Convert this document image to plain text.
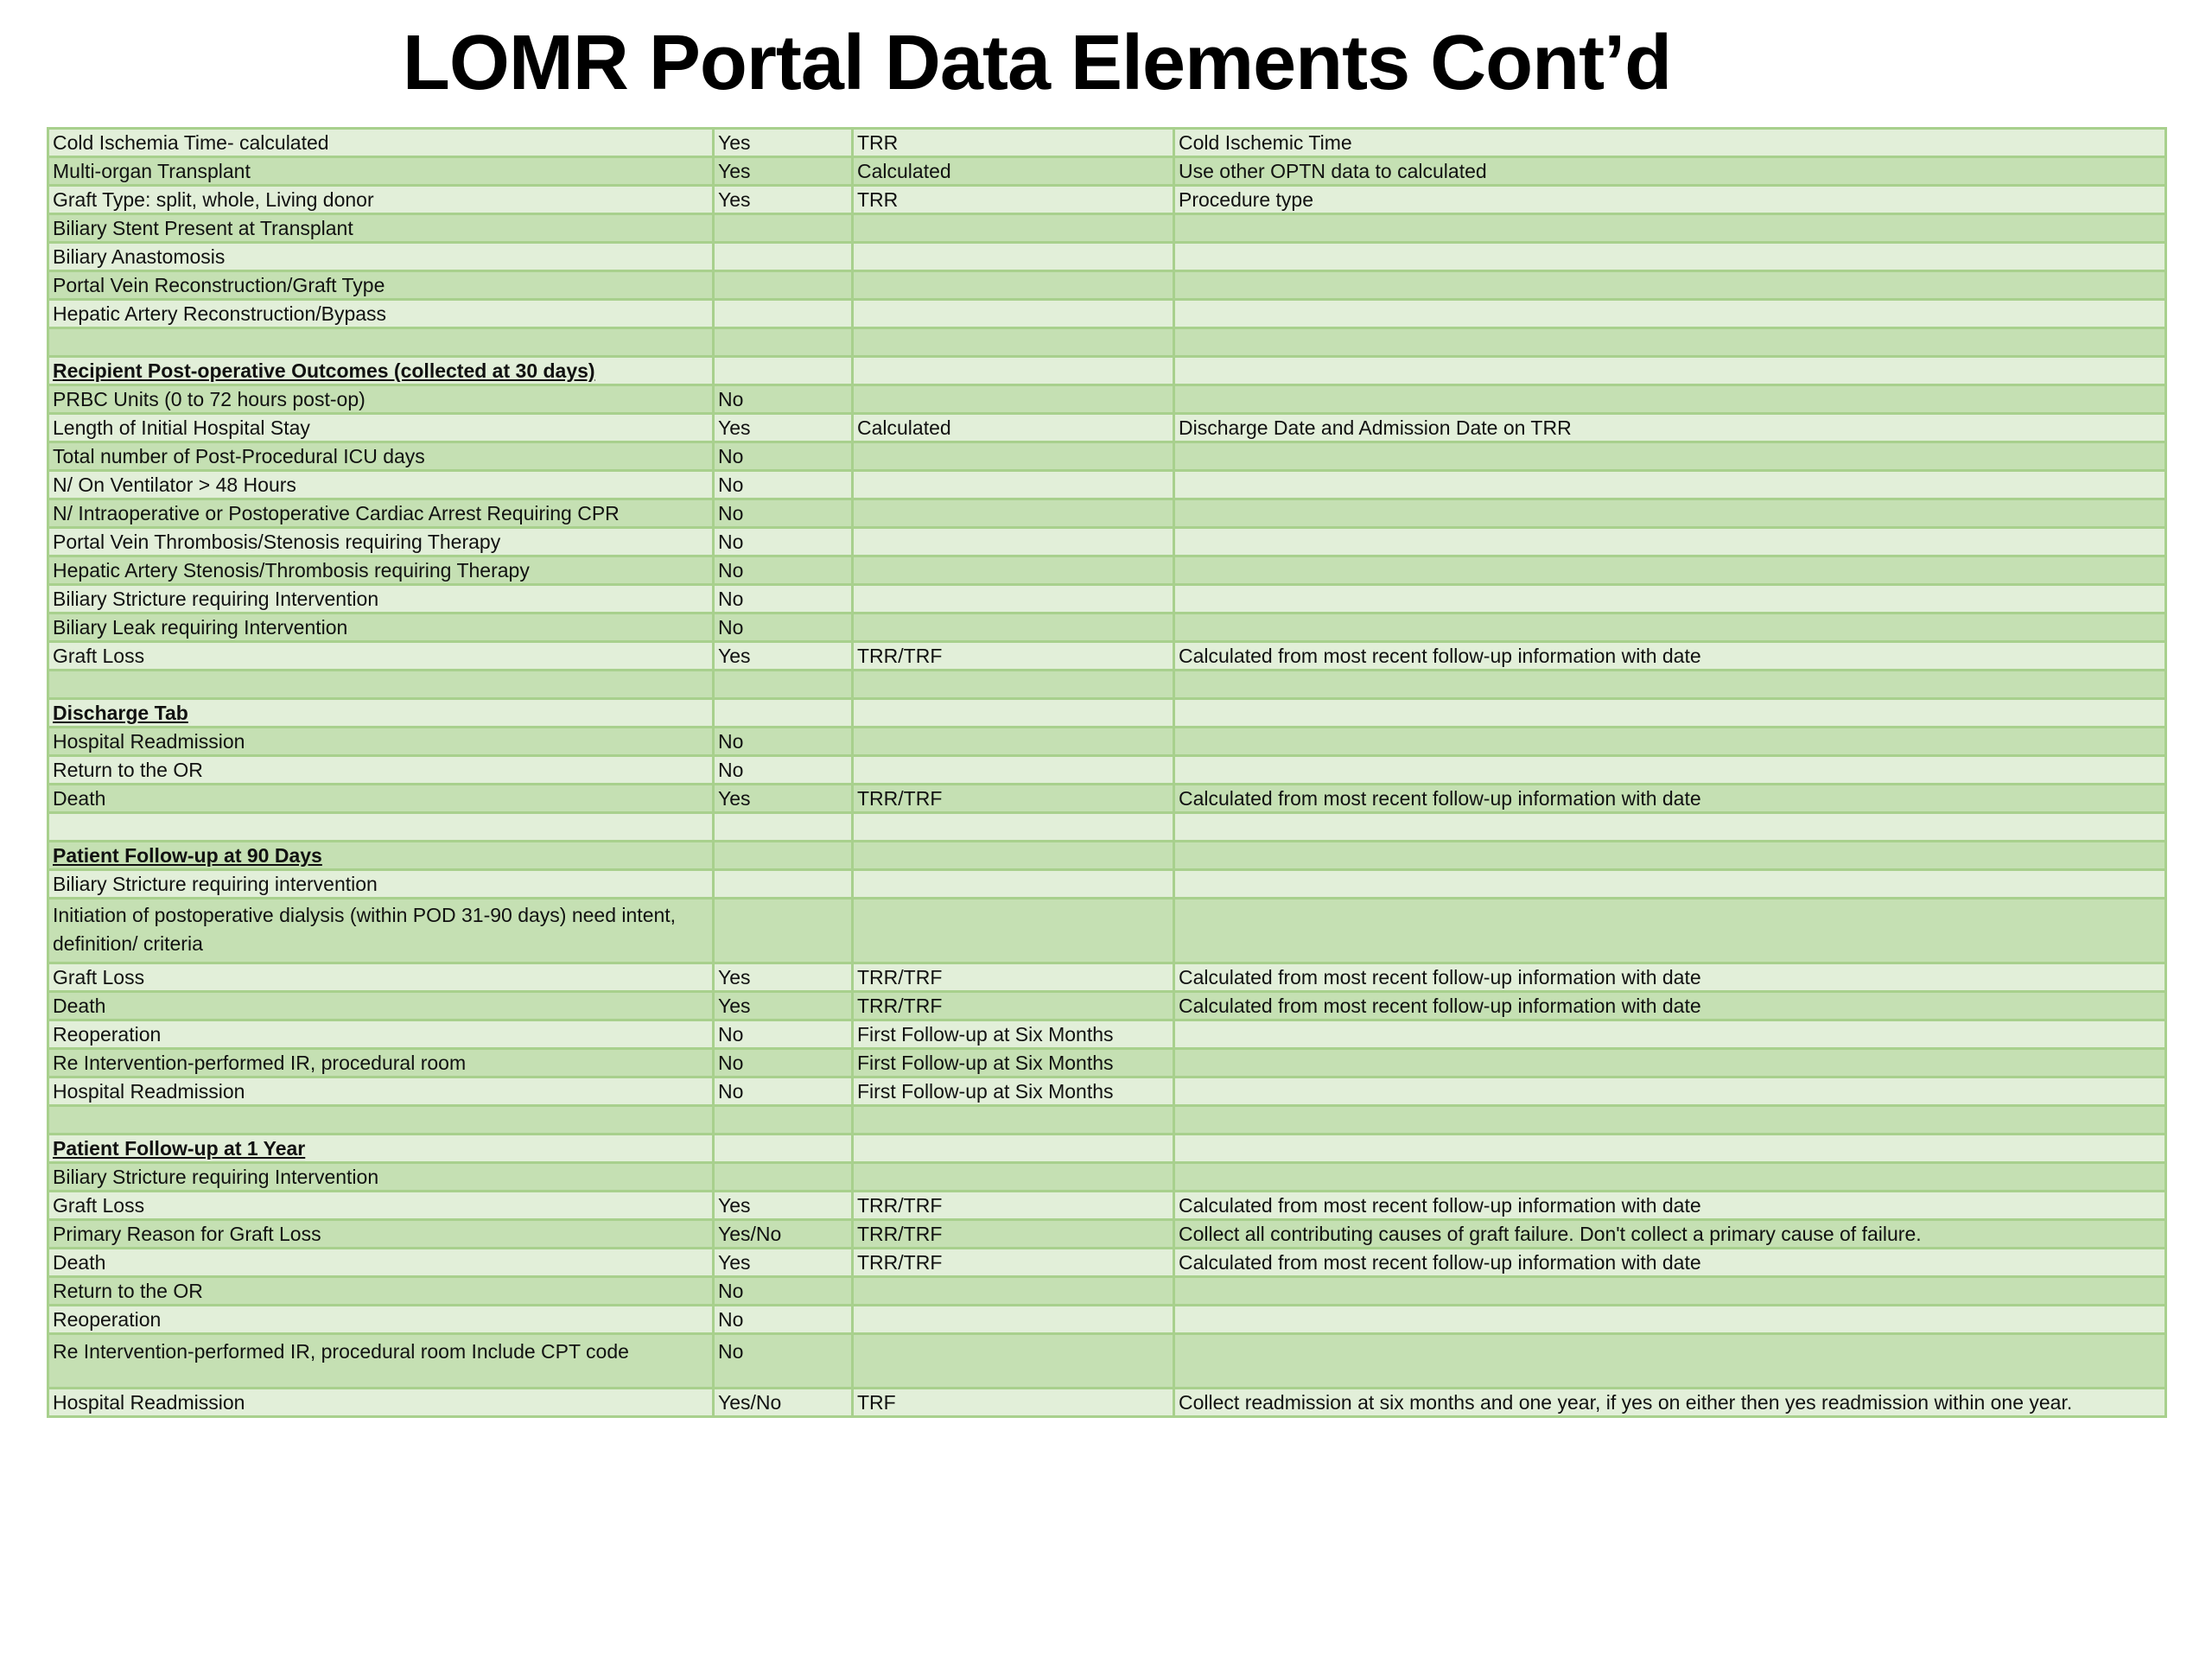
LOMR Portal Data Elements Cont’d
Cold Ischemia Time- calculated	Yes	TRR	Cold Ischemic Time
Multi-organ Transplant	Yes	Calculated	Use other OPTN data to calculated
Graft Type: split, whole, Living donor	Yes	TRR	Procedure type
Biliary Stent Present at Transplant			
Biliary Anastomosis			
Portal Vein Reconstruction/Graft Type			
Hepatic Artery Reconstruction/Bypass			

Recipient Post-operative Outcomes (collected at 30 days)			
PRBC Units (0 to 72 hours post-op)	No		
Length of Initial Hospital Stay	Yes	Calculated	Discharge Date and Admission Date on TRR
Total number of Post-Procedural ICU days	No		
N/ On Ventilator > 48 Hours	No		
N/ Intraoperative or Postoperative Cardiac Arrest Requiring CPR	No		
Portal Vein Thrombosis/Stenosis requiring Therapy	No		
Hepatic Artery Stenosis/Thrombosis requiring Therapy	No		
Biliary Stricture requiring Intervention	No		
Biliary Leak requiring Intervention	No		
Graft Loss	Yes	TRR/TRF	Calculated from most recent follow-up information with date

Discharge Tab			
Hospital Readmission	No		
Return to the OR	No		
Death	Yes	TRR/TRF	Calculated from most recent follow-up information with date

Patient Follow-up at 90 Days			
Biliary Stricture requiring intervention			
Initiation of postoperative dialysis (within POD 31-90 days) need intent, definition/ criteria			
Graft Loss	Yes	TRR/TRF	Calculated from most recent follow-up information with date
Death	Yes	TRR/TRF	Calculated from most recent follow-up information with date
Reoperation	No	First Follow-up at Six Months	
Re Intervention-performed IR, procedural room	No	First Follow-up at Six Months	
Hospital Readmission	No	First Follow-up at Six Months	

Patient Follow-up at 1 Year			
Biliary Stricture requiring Intervention			
Graft Loss	Yes	TRR/TRF	Calculated from most recent follow-up information with date
Primary Reason for Graft Loss	Yes/No	TRR/TRF	Collect all contributing causes of graft failure. Don't collect a primary cause of failure.
Death	Yes	TRR/TRF	Calculated from most recent follow-up information with date
Return to the OR	No		
Reoperation	No		
Re Intervention-performed IR, procedural room Include CPT code	No		
Hospital Readmission	Yes/No	TRF	Collect readmission at six months and one year, if yes on either then yes readmission within one year.
